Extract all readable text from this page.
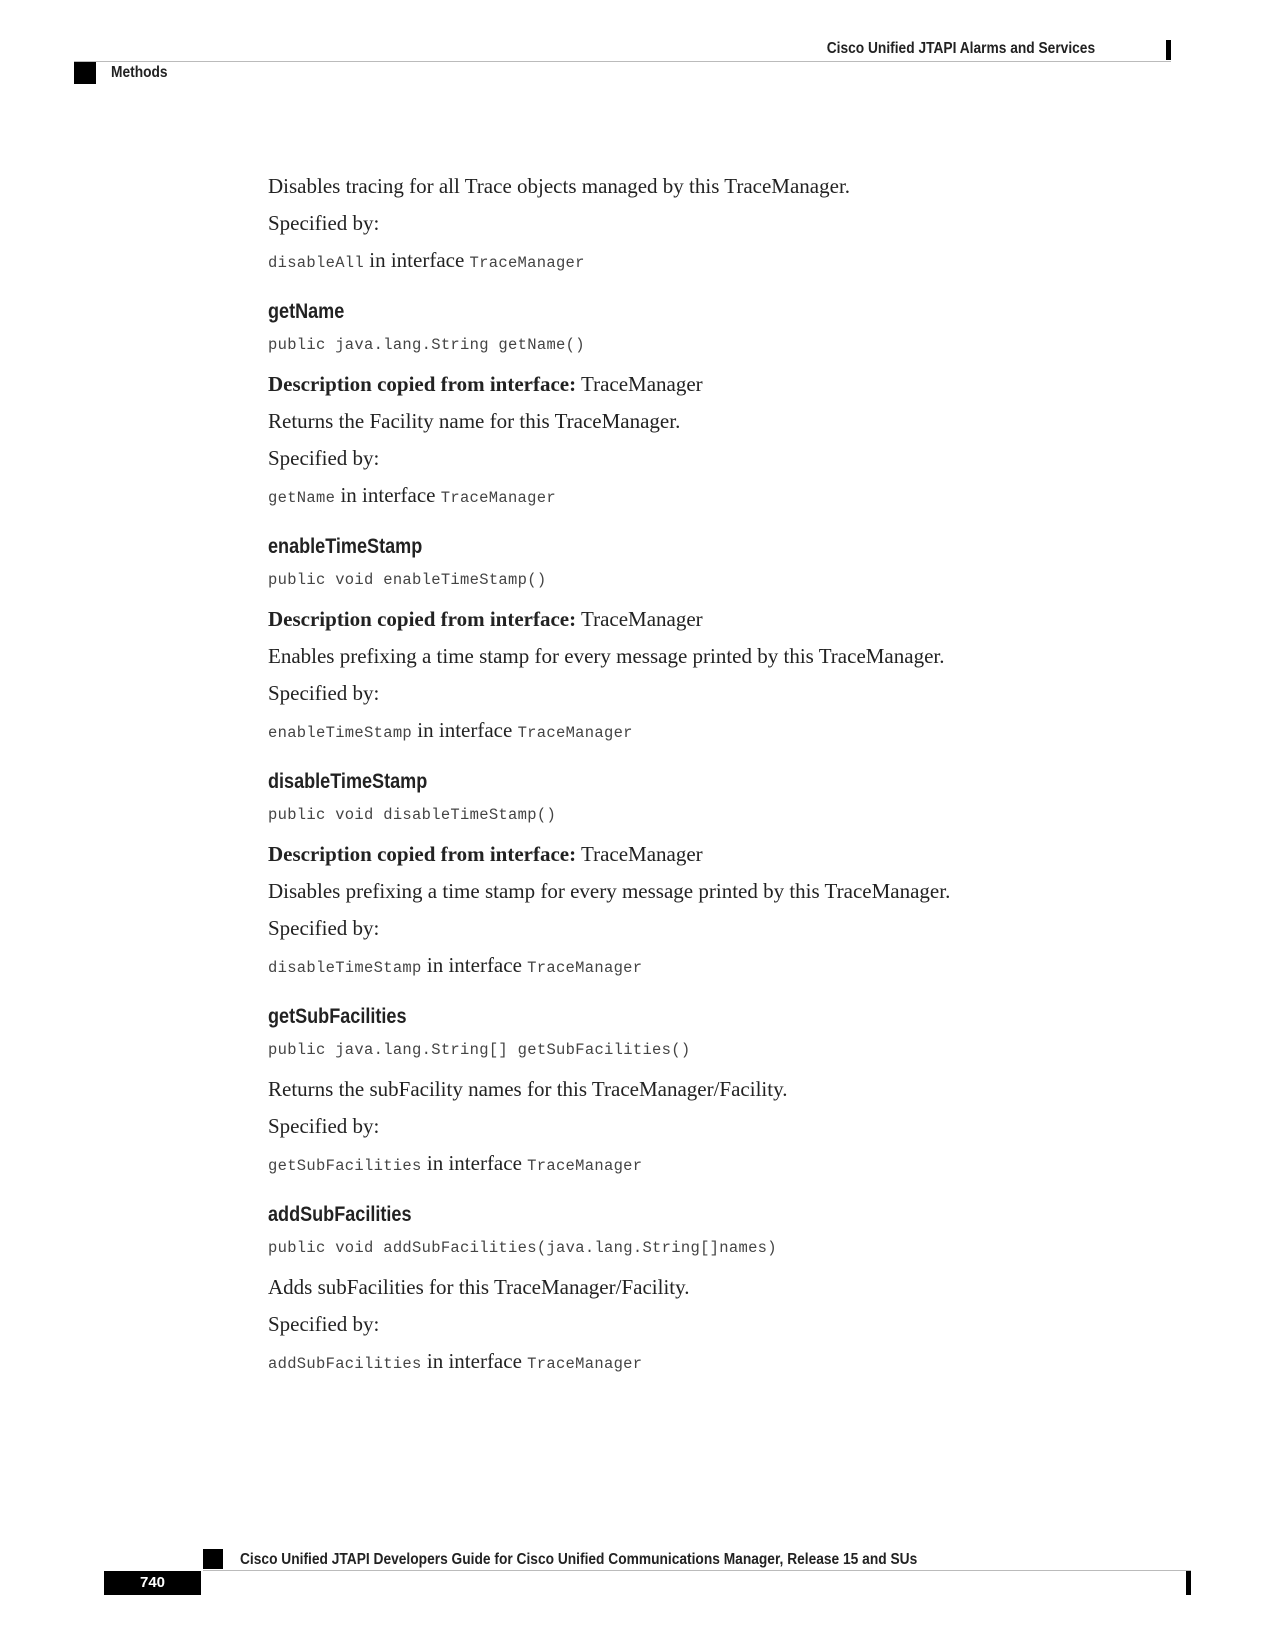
Cisco Unified JTAPI Alarms and Services
Methods

Disables tracing for all Trace objects managed by this TraceManager.

Specified by:

disableAll in interface TraceManager

getName
public java.lang.String getName()

Description copied from interface: TraceManager

Returns the Facility name for this TraceManager.

Specified by:

getName in interface TraceManager

enableTimeStamp
public void enableTimeStamp()

Description copied from interface: TraceManager

Enables prefixing a time stamp for every message printed by this TraceManager.

Specified by:

enableTimeStamp in interface TraceManager

disableTimeStamp
public void disableTimeStamp()

Description copied from interface: TraceManager

Disables prefixing a time stamp for every message printed by this TraceManager.

Specified by:

disableTimeStamp in interface TraceManager

getSubFacilities
public java.lang.String[] getSubFacilities()

Returns the subFacility names for this TraceManager/Facility.

Specified by:

getSubFacilities in interface TraceManager

addSubFacilities
public void addSubFacilities(java.lang.String[]names)

Adds subFacilities for this TraceManager/Facility.

Specified by:

addSubFacilities in interface TraceManager

Cisco Unified JTAPI Developers Guide for Cisco Unified Communications Manager, Release 15 and SUs
740
